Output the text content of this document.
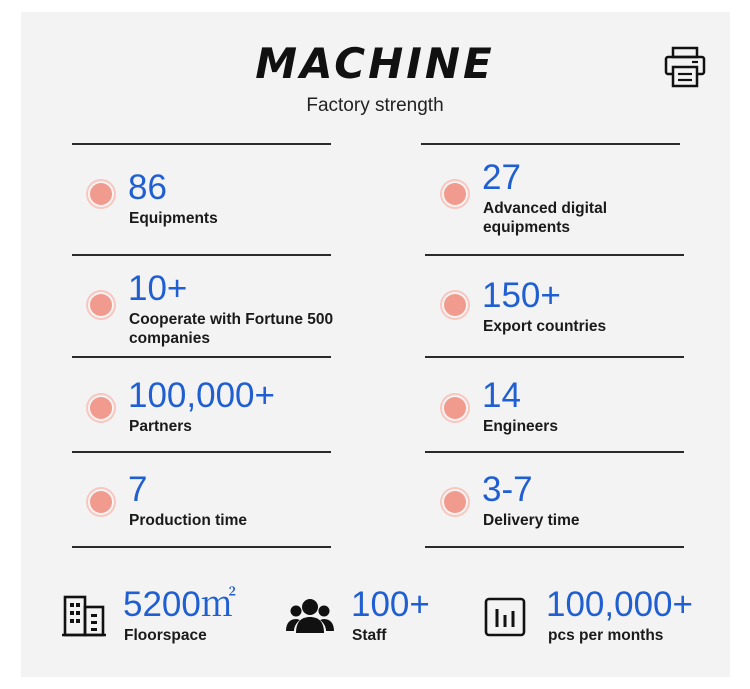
MACHINE
Factory strength
86
Equipments
27
Advanced digital equipments
10+
Cooperate with Fortune 500 companies
150+
Export countries
100,000+
Partners
14
Engineers
7
Production time
3-7
Delivery time
5200㎡
Floorspace
100+
Staff
100,000+
pcs per months
